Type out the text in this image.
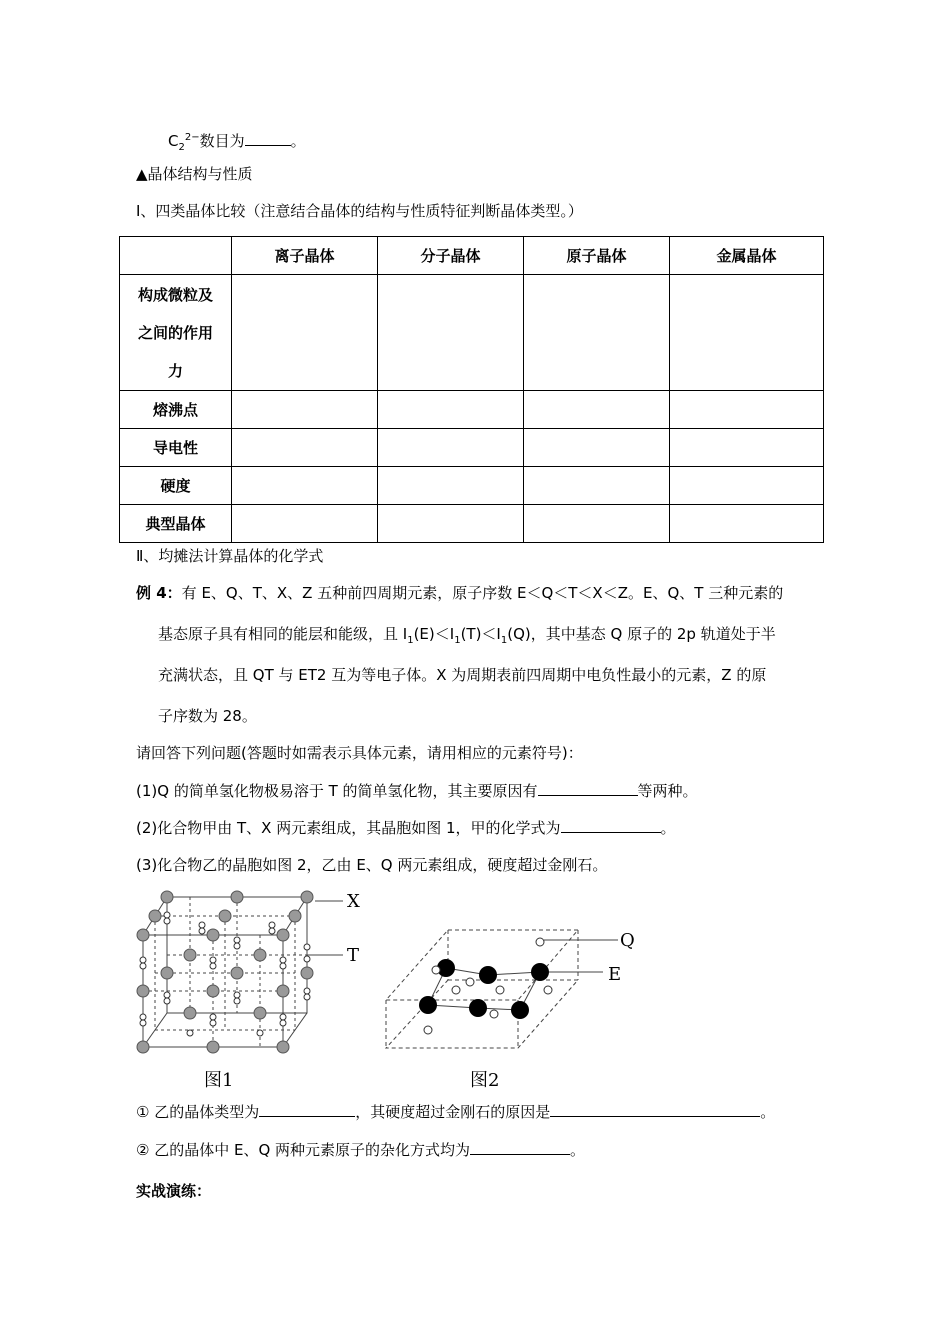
$C_2^{2-}$数目为	。
▲晶体结构与性质
Ⅰ、四类晶体比较（注意结合晶体的结构与性质特征判断晶体类型。）
	离子晶体	分子晶体	原子晶体	金属晶体

构成微粒及
之间的作用
力				

熔沸点				
导电性				
硬度				
典型晶体				
Ⅱ、均摊法计算晶体的化学式
例 4：有 E、Q、T、X、Z 五种前四周期元素，原子序数 E＜Q＜T＜X＜Z。E、Q、T 三种元素的
基态原子具有相同的能层和能级，且 $I_1(E)<I_1(T)<I_1(Q)$，其中基态 Q 原子的 2p 轨道处于半
充满状态，且 QT 与 ET2 互为等电子体。X 为周期表前四周期中电负性最小的元素，Z 的原
子序数为 28。
请回答下列问题(答题时如需表示具体元素，请用相应的元素符号)：
(1)Q 的简单氢化物极易溶于 T 的简单氢化物，其主要原因有	等两种。
(2)化合物甲由 T、X 两元素组成，其晶胞如图 1，甲的化学式为	。
(3)化合物乙的晶胞如图 2，乙由 E、Q 两元素组成，硬度超过金刚石。
X
T
图1
Q
E
图2
① 乙的晶体类型为	，其硬度超过金刚石的原因是	。
② 乙的晶体中 E、Q 两种元素原子的杂化方式均为	。
实战演练：
